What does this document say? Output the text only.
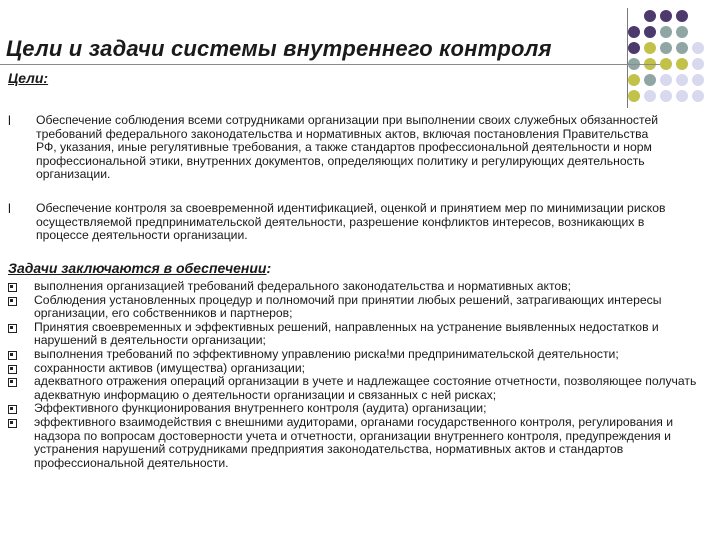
Цели и задачи системы внутреннего контроля
Цели:
l Обеспечение соблюдения всеми сотрудниками организации при выполнении своих служебных обязанностей требований федерального законодательства и нормативных актов, включая постановления Правительства РФ, указания, иные регулятивные требования, а также стандартов профессиональной деятельности и норм профессиональной этики, внутренних документов, определяющих политику и регулирующих деятельность организации.
l Обеспечение контроля за своевременной идентификацией, оценкой и принятием мер по минимизации рисков осуществляемой предпринимательской деятельности, разрешение конфликтов интересов, возникающих в процессе деятельности организации.
Задачи заключаются в обеспечении:
выполнения организацией требований федерального законодательства и нормативных актов;
Соблюдения установленных процедур и полномочий при принятии любых решений, затрагивающих интересы организации, его собственников и партнеров;
Принятия своевременных и эффективных решений, направленных на устранение выявленных недостатков и нарушений в деятельности организации;
выполнения требований по эффективному управлению риска!ми предпринимательской деятельности;
сохранности активов (имущества) организации;
адекватного отражения операций организации в учете и надлежащее состояние отчетности, позволяющее получать адекватную информацию о деятельности организации и связанных с ней рисках;
Эффективного функционирования внутреннего контроля (аудита) организации;
эффективного взаимодействия с внешними аудиторами, органами государственного контроля, регулирования и надзора по вопросам достоверности учета и отчетности, организации внутреннего контроля, предупреждения и устранения нарушений сотрудниками предприятия законодательства, нормативных актов и стандартов профессиональной деятельности.
